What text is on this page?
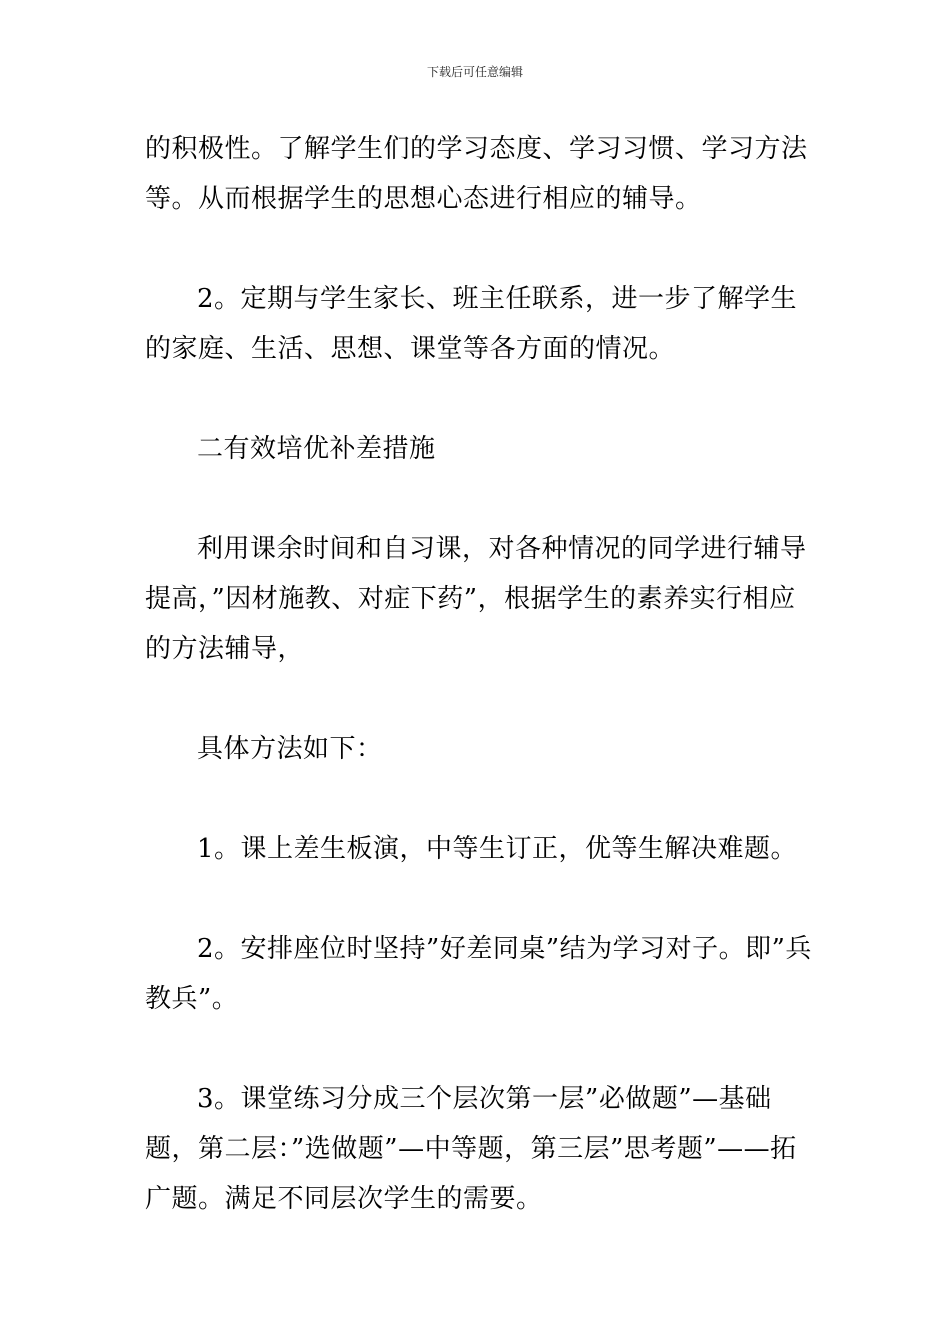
下载后可任意编辑

的积极性。了解学生们的学习态度、学习习惯、学习方法等。从而根据学生的思想心态进行相应的辅导。

2。定期与学生家长、班主任联系，进一步了解学生的家庭、生活、思想、课堂等各方面的情况。

二有效培优补差措施

利用课余时间和自习课，对各种情况的同学进行辅导提高，”因材施教、对症下药”，根据学生的素养实行相应的方法辅导，

具体方法如下：

1。课上差生板演，中等生订正，优等生解决难题。

2。安排座位时坚持”好差同桌”结为学习对子。即”兵教兵”。

3。课堂练习分成三个层次第一层”必做题”—基础题，第二层：”选做题”—中等题，第三层”思考题”——拓广题。满足不同层次学生的需要。
